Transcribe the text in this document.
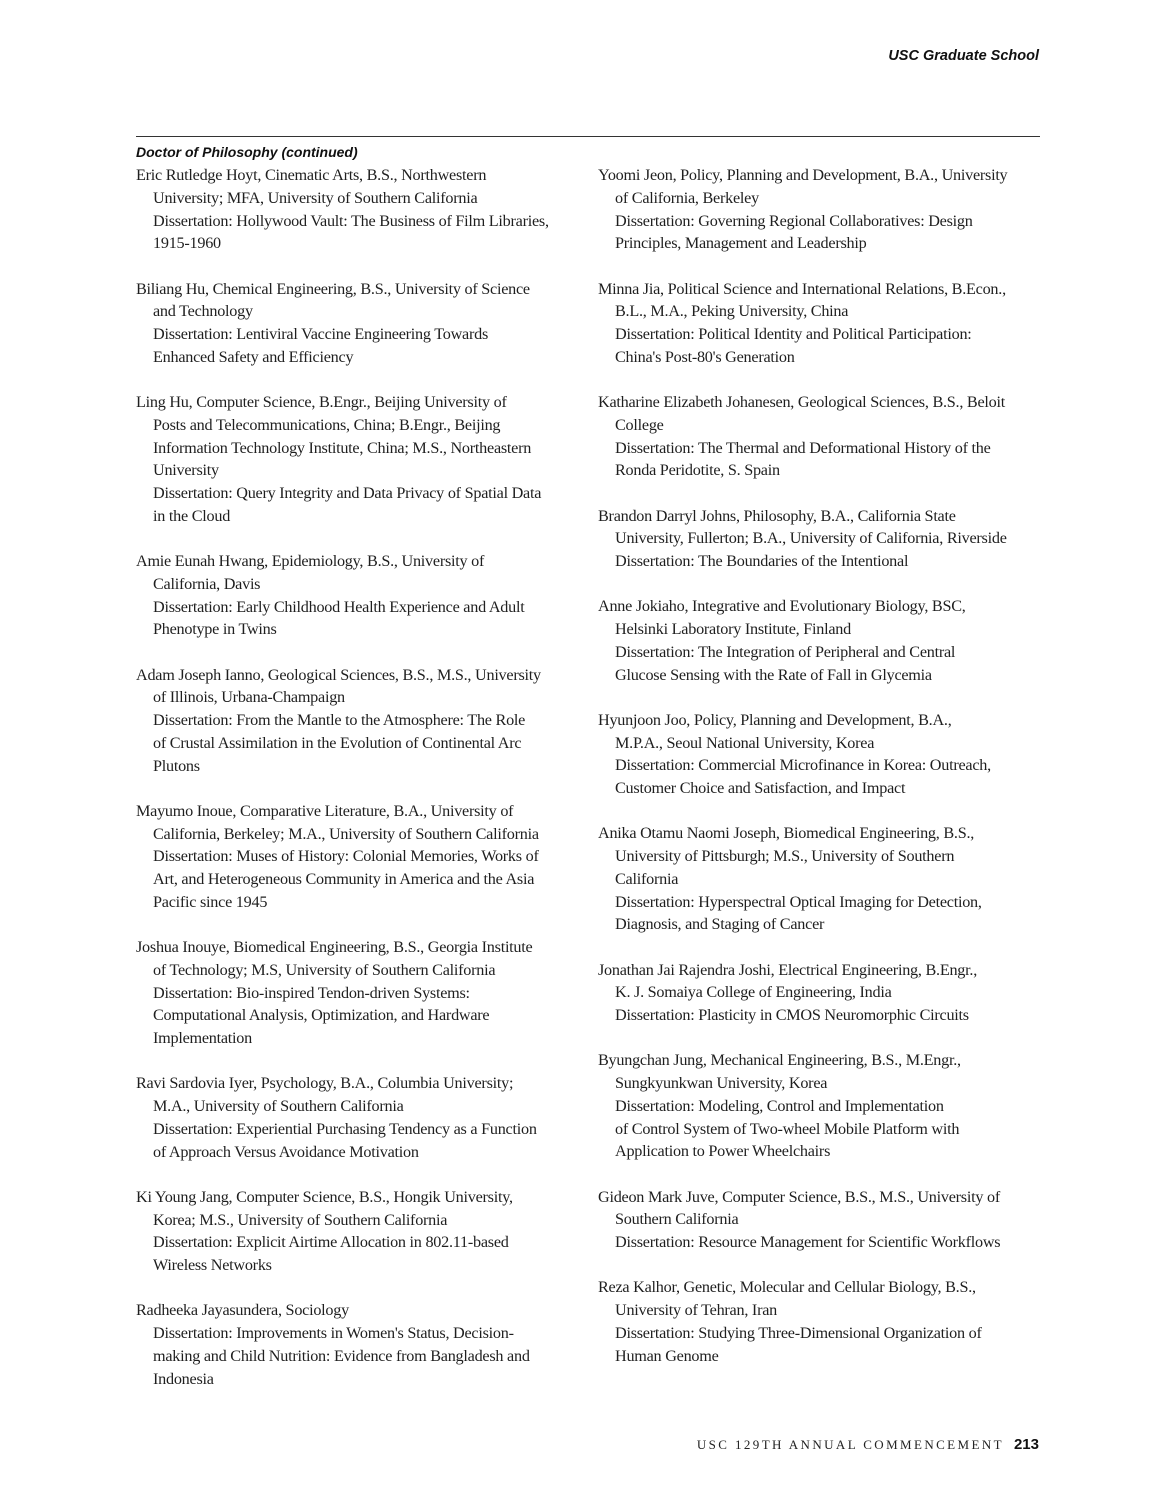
USC Graduate School
Doctor of Philosophy (continued)
Eric Rutledge Hoyt, Cinematic Arts, B.S., Northwestern
University; MFA, University of Southern California
Dissertation: Hollywood Vault: The Business of Film Libraries,
1915-1960
Biliang Hu, Chemical Engineering, B.S., University of Science
and Technology
Dissertation: Lentiviral Vaccine Engineering Towards
Enhanced Safety and Efficiency
Ling Hu, Computer Science, B.Engr., Beijing University of
Posts and Telecommunications, China; B.Engr., Beijing
Information Technology Institute, China; M.S., Northeastern
University
Dissertation: Query Integrity and Data Privacy of Spatial Data
in the Cloud
Amie Eunah Hwang, Epidemiology, B.S., University of
California, Davis
Dissertation: Early Childhood Health Experience and Adult
Phenotype in Twins
Adam Joseph Ianno, Geological Sciences, B.S., M.S., University
of Illinois, Urbana-Champaign
Dissertation: From the Mantle to the Atmosphere: The Role
of Crustal Assimilation in the Evolution of Continental Arc
Plutons
Mayumo Inoue, Comparative Literature, B.A., University of
California, Berkeley; M.A., University of Southern California
Dissertation: Muses of History: Colonial Memories, Works of
Art, and Heterogeneous Community in America and the Asia
Pacific since 1945
Joshua Inouye, Biomedical Engineering, B.S., Georgia Institute
of Technology; M.S, University of Southern California
Dissertation: Bio-inspired Tendon-driven Systems:
Computational Analysis, Optimization, and Hardware
Implementation
Ravi Sardovia Iyer, Psychology, B.A., Columbia University;
M.A., University of Southern California
Dissertation: Experiential Purchasing Tendency as a Function
of Approach Versus Avoidance Motivation
Ki Young Jang, Computer Science, B.S., Hongik University,
Korea; M.S., University of Southern California
Dissertation: Explicit Airtime Allocation in 802.11-based
Wireless Networks
Radheeka Jayasundera, Sociology
Dissertation: Improvements in Women's Status, Decision-
making and Child Nutrition: Evidence from Bangladesh and
Indonesia
Yoomi Jeon, Policy, Planning and Development, B.A., University
of California, Berkeley
Dissertation: Governing Regional Collaboratives: Design
Principles, Management and Leadership
Minna Jia, Political Science and International Relations, B.Econ.,
B.L., M.A., Peking University, China
Dissertation: Political Identity and Political Participation:
China's Post-80's Generation
Katharine Elizabeth Johanesen, Geological Sciences, B.S., Beloit
College
Dissertation: The Thermal and Deformational History of the
Ronda Peridotite, S. Spain
Brandon Darryl Johns, Philosophy, B.A., California State
University, Fullerton; B.A., University of California, Riverside
Dissertation: The Boundaries of the Intentional
Anne Jokiaho, Integrative and Evolutionary Biology, BSC,
Helsinki Laboratory Institute, Finland
Dissertation: The Integration of Peripheral and Central
Glucose Sensing with the Rate of Fall in Glycemia
Hyunjoon Joo, Policy, Planning and Development, B.A.,
M.P.A., Seoul National University, Korea
Dissertation: Commercial Microfinance in Korea: Outreach,
Customer Choice and Satisfaction, and Impact
Anika Otamu Naomi Joseph, Biomedical Engineering, B.S.,
University of Pittsburgh; M.S., University of Southern
California
Dissertation: Hyperspectral Optical Imaging for Detection,
Diagnosis, and Staging of Cancer
Jonathan Jai Rajendra Joshi, Electrical Engineering, B.Engr.,
K. J. Somaiya College of Engineering, India
Dissertation: Plasticity in CMOS Neuromorphic Circuits
Byungchan Jung, Mechanical Engineering, B.S., M.Engr.,
Sungkyunkwan University, Korea
Dissertation: Modeling, Control and Implementation
of Control System of Two-wheel Mobile Platform with
Application to Power Wheelchairs
Gideon Mark Juve, Computer Science, B.S., M.S., University of
Southern California
Dissertation: Resource Management for Scientific Workflows
Reza Kalhor, Genetic, Molecular and Cellular Biology, B.S.,
University of Tehran, Iran
Dissertation: Studying Three-Dimensional Organization of
Human Genome
USC 129TH ANNUAL COMMENCEMENT 213
